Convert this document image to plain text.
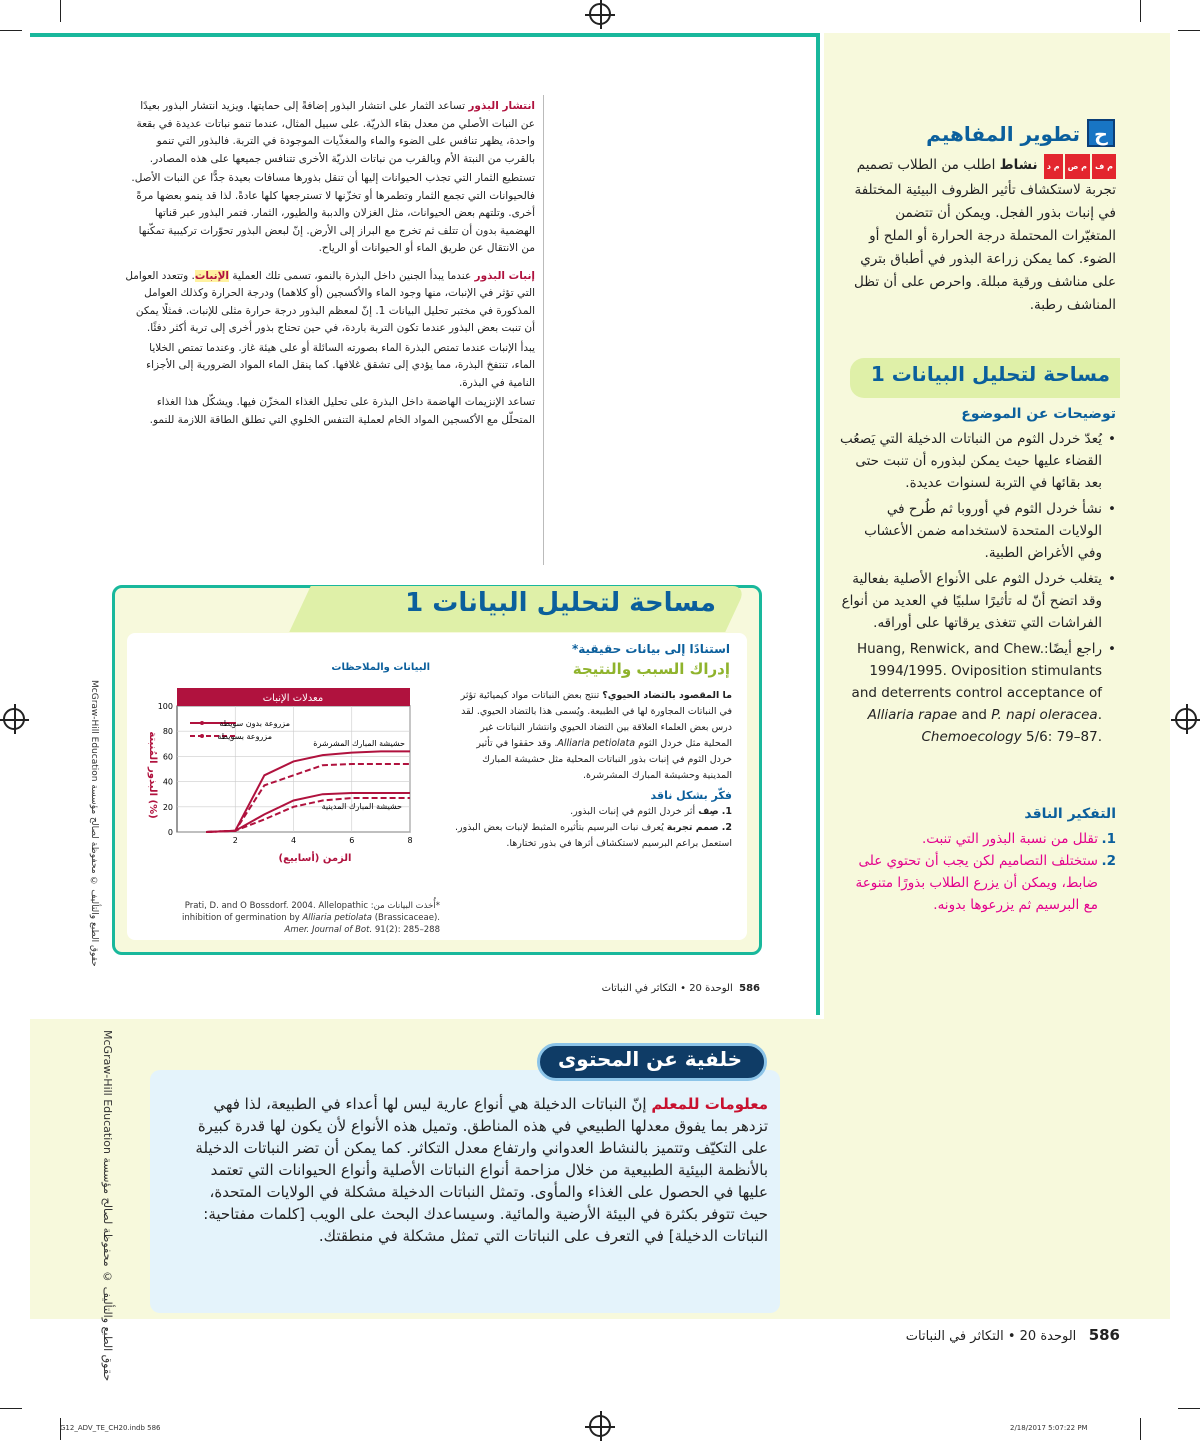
McGraw-Hill Education حقوق الطبع والتأليف © محفوظة لصالح مؤسسة
McGraw-Hill Education حقوق الطبع والتأليف © محفوظة لصالح مؤسسة

انتشار البذور تساعد الثمار على انتشار البذور إضافةً إلى حمايتها. ويزيد انتشار البذور بعيدًا عن النبات الأصلي من معدل بقاء الذريّة. على سبيل المثال، عندما تنمو نباتات عديدة في بقعة واحدة، يظهر تنافس على الضوء والماء والمغذّيات الموجودة في التربة. فالبذور التي تنمو بالقرب من النبتة الأم وبالقرب من نباتات الذريّة الأخرى تتنافس جميعها على هذه المصادر.

تستطيع الثمار التي تجذب الحيوانات إليها أن تنقل بذورها مسافات بعيدة جدًّا عن النبات الأصل. فالحيوانات التي تجمع الثمار وتطمرها أو تخزّنها لا تسترجعها كلها عادةً. لذا قد ينمو بعضها مرةً أخرى. وتلتهم بعض الحيوانات، مثل الغزلان والدببة والطيور، الثمار. فتمر البذور عبر قناتها الهضمية بدون أن تتلف ثم تخرج مع البراز إلى الأرض. إنّ لبعض البذور تحوّرات تركيبية تمكّنها من الانتقال عن طريق الماء أو الحيوانات أو الرياح.

إنبات البذور عندما يبدأ الجنين داخل البذرة بالنمو، تسمى تلك العملية الإنبات. وتتعدد العوامل التي تؤثر في الإنبات، منها وجود الماء والأكسجين (أو كلاهما) ودرجة الحرارة وكذلك العوامل المذكورة في مختبر تحليل البيانات 1. إنّ لمعظم البذور درجة حرارة مثلى للإنبات. فمثلًا يمكن أن تنبت بعض البذور عندما تكون التربة باردة، في حين تحتاج بذور أخرى إلى تربة أكثر دفئًا.

يبدأ الإنبات عندما تمتص البذرة الماء بصورته السائلة أو على هيئة غاز. وعندما تمتص الخلايا الماء، تنتفخ البذرة، مما يؤدي إلى تشقق غلافها. كما ينقل الماء المواد الضرورية إلى الأجزاء النامية في البذرة.

تساعد الإنزيمات الهاضمة داخل البذرة على تحليل الغذاء المخزّن فيها. ويشكّل هذا الغذاء المتحلّل مع الأكسجين المواد الخام لعملية التنفس الخلوي التي تطلق الطاقة اللازمة للنمو.

مساحة لتحليل البيانات 1
استنادًا إلى بيانات حقيقية*
إدراك السبب والنتيجة
ما المقصود بالتضاد الحيوي؟ تنتج بعض النباتات مواد كيميائية تؤثر في النباتات المجاورة لها في الطبيعة. ويُسمى هذا بالتضاد الحيوي. لقد درس بعض العلماء العلاقة بين التضاد الحيوي وانتشار النباتات غير المحلية مثل خردل الثوم Alliaria petiolata. وقد حققوا في تأثير خردل الثوم في إنبات بذور النباتات المحلية مثل حشيشة المبارك المدينية وحشيشة المبارك المشرشرة.
فكّر بشكل ناقد
1. صِف أثر خردل الثوم في إنبات البذور.
2. صمم تجربة يُعرف نبات البرسيم بتأثيره المثبط لإنبات بعض البذور. استعمل براعم البرسيم لاستكشاف أثرها في بذور تختارها.
البيانات والملاحظات
معدلات الإنبات
0
20
40
60
80
100
2	4	6	8
الزمن (أسابيع)
البذور المُنبتة (%)
مزروعة بدون سويطة
مزروعة بسويطة
حشيشة المبارك المشرشرة
حشيشة المبارك المدينية
*أُخذت البيانات من: Prati, D. and O Bossdorf. 2004. Allelopathic inhibition of germination by Alliaria petiolata (Brassicaceae). Amer. Journal of Bot. 91(2): 285–288
586  الوحدة 20 • التكاثر في النباتات
ح
تطوير المفاهيم
م فم صم د نشاط اطلب من الطلاب تصميم تجربة لاستكشاف تأثير الظروف البيئية المختلفة في إنبات بذور الفجل. ويمكن أن تتضمن المتغيّرات المحتملة درجة الحرارة أو الملح أو الضوء. كما يمكن زراعة البذور في أطباق بتري على مناشف ورقية مبللة. واحرص على أن تظل المناشف رطبة.
مساحة لتحليل البيانات 1
توضيحات عن الموضوع
• يُعدّ خردل الثوم من النباتات الدخيلة التي يَصعُب القضاء عليها حيث يمكن لبذوره أن تنبت حتى بعد بقائها في التربة لسنوات عديدة.
• نشأ خردل الثوم في أوروبا ثم طُرح في الولايات المتحدة لاستخدامه ضمن الأعشاب وفي الأغراض الطبية.
• يتغلب خردل الثوم على الأنواع الأصلية بفعالية وقد اتضح أنّ له تأثيرًا سلبيًا في العديد من أنواع الفراشات التي تتغذى يرقاتها على أوراقه.
• راجع أيضًا:Huang, Renwick, and Chew. 1994/1995. Oviposition stimulants and deterrents control acceptance of Alliaria rapae and P. napi oleracea. Chemoecology 5/6: 79–87.
التفكير الناقد
1.
تقلل من نسبة البذور التي تنبت.
2.
ستختلف التصاميم لكن يجب أن تحتوي على ضابط، ويمكن أن يزرع الطلاب بذورًا متنوعة مع البرسيم ثم يزرعوها بدونه.
خلفية عن المحتوى
معلومات للمعلم إنّ النباتات الدخيلة هي أنواع عارية ليس لها أعداء في الطبيعة، لذا فهي تزدهر بما يفوق معدلها الطبيعي في هذه المناطق. وتميل هذه الأنواع لأن يكون لها قدرة كبيرة على التكيّف وتتميز بالنشاط العدواني وارتفاع معدل التكاثر. كما يمكن أن تضر النباتات الدخيلة بالأنظمة البيئية الطبيعية من خلال مزاحمة أنواع النباتات الأصلية وأنواع الحيوانات التي تعتمد عليها في الحصول على الغذاء والمأوى. وتمثل النباتات الدخيلة مشكلة في الولايات المتحدة، حيث تتوفر بكثرة في البيئة الأرضية والمائية. وسيساعدك البحث على الويب [كلمات مفتاحية: النباتات الدخيلة] في التعرف على النباتات التي تمثل مشكلة في منطقتك.
586   الوحدة 20 • التكاثر في النباتات
G12_ADV_TE_CH20.indb 586	2/18/2017 5:07:22 PM
